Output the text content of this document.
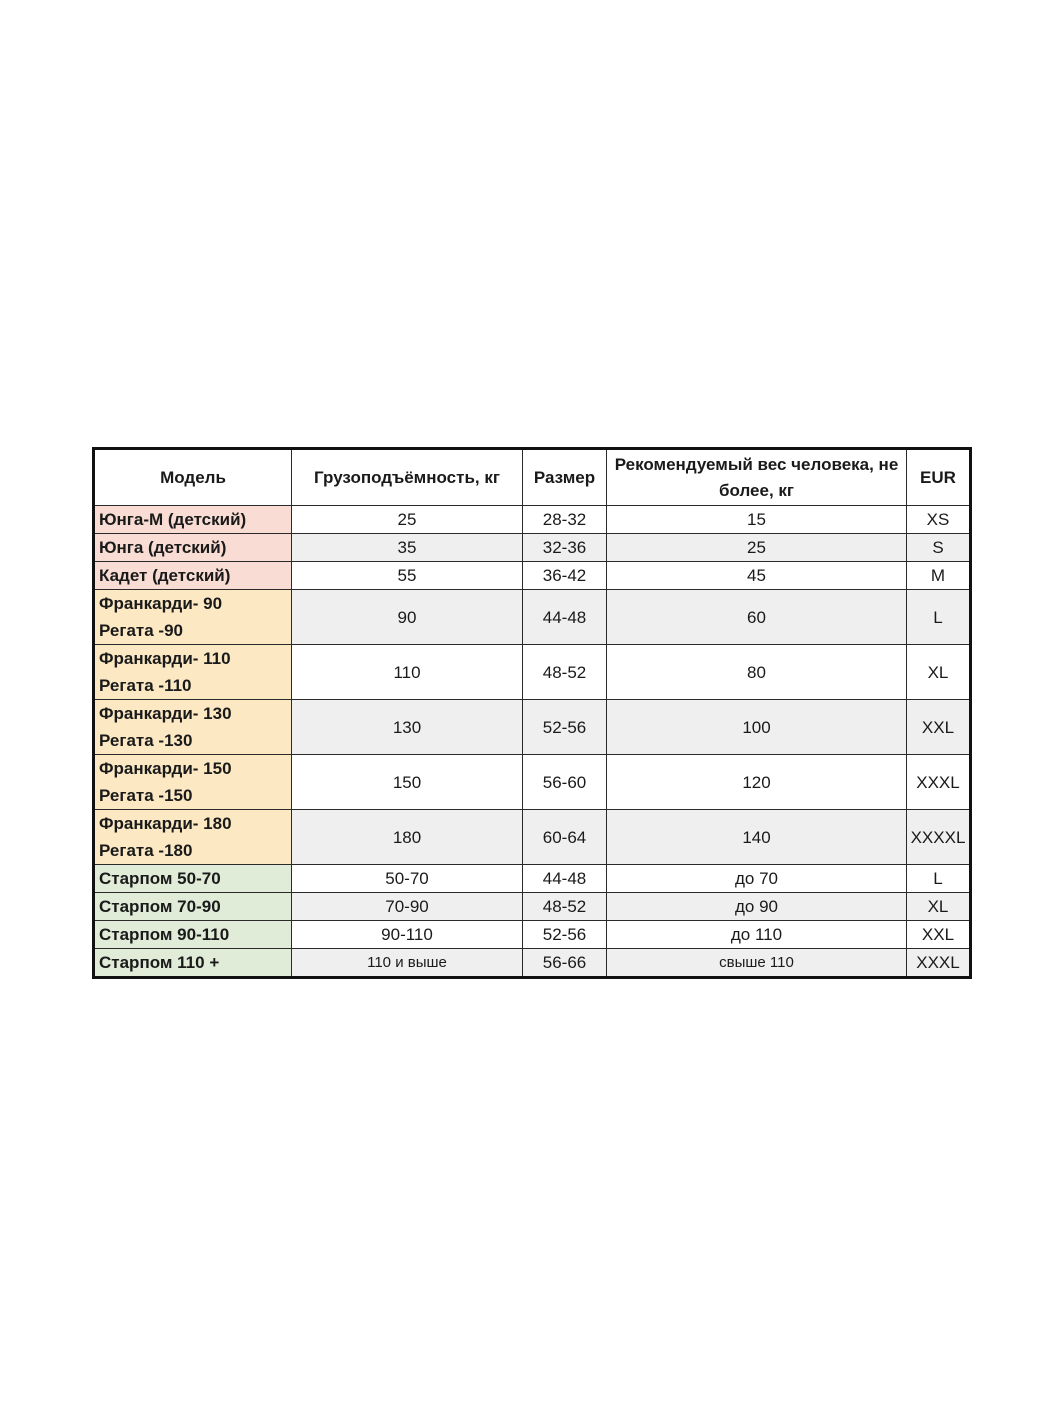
Модель	Грузоподъёмность, кг	Размер	Рекомендуемый вес человека, не более, кг	EUR

Юнга-М (детский)	25	28-32	15	XS

Юнга (детский)	35	32-36	25	S

Кадет (детский)	55	36-42	45	M

Франкарди- 90
Регата -90	90	44-48	60	L

Франкарди- 110
Регата -110	110	48-52	80	XL

Франкарди- 130
Регата -130	130	52-56	100	XXL

Франкарди- 150
Регата -150	150	56-60	120	XXXL

Франкарди- 180
Регата -180	180	60-64	140	XXXXL

Старпом 50-70	50-70	44-48	до 70	L

Старпом 70-90	70-90	48-52	до 90	XL

Старпом 90-110	90-110	52-56	до 110	XXL

Старпом 110 +	110 и выше	56-66	свыше 110	XXXL
